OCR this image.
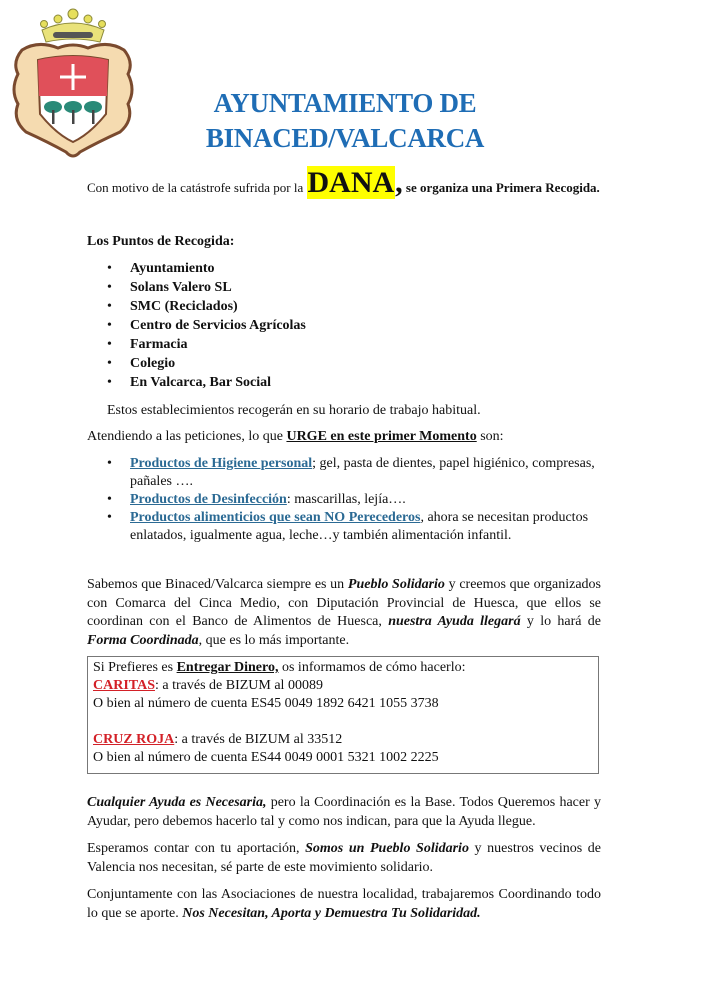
AYUNTAMIENTO DE
BINACED/VALCARCA
Con motivo de la catástrofe sufrida por la DANA, se organiza una Primera Recogida.
Los Puntos de Recogida:
• Ayuntamiento
• Solans Valero SL
• SMC (Reciclados)
• Centro de Servicios Agrícolas
• Farmacia
• Colegio
• En Valcarca, Bar Social
Estos establecimientos recogerán en su horario de trabajo habitual.
Atendiendo a las peticiones, lo que URGE en este primer Momento son:
• Productos de Higiene personal; gel, pasta de dientes, papel higiénico, compresas, pañales ….
• Productos de Desinfección: mascarillas, lejía….
• Productos alimenticios que sean NO Perecederos, ahora se necesitan productos enlatados, igualmente agua, leche…y también alimentación infantil.
Sabemos que Binaced/Valcarca siempre es un Pueblo Solidario y creemos que organizados con Comarca del Cinca Medio, con Diputación Provincial de Huesca, que ellos se coordinan con el Banco de Alimentos de Huesca, nuestra Ayuda llegará y lo hará de Forma Coordinada, que es lo más importante.
Si Prefieres es Entregar Dinero, os informamos de cómo hacerlo:
CARITAS: a través de BIZUM al 00089
O bien al número de cuenta ES45 0049 1892 6421 1055 3738
CRUZ ROJA: a través de BIZUM al 33512
O bien al número de cuenta ES44 0049 0001 5321 1002 2225
Cualquier Ayuda es Necesaria, pero la Coordinación es la Base. Todos Queremos hacer y Ayudar, pero debemos hacerlo tal y como nos indican, para que la Ayuda llegue.
Esperamos contar con tu aportación, Somos un Pueblo Solidario y nuestros vecinos de Valencia nos necesitan, sé parte de este movimiento solidario.
Conjuntamente con las Asociaciones de nuestra localidad, trabajaremos Coordinando todo lo que se aporte. Nos Necesitan, Aporta y Demuestra Tu Solidaridad.
